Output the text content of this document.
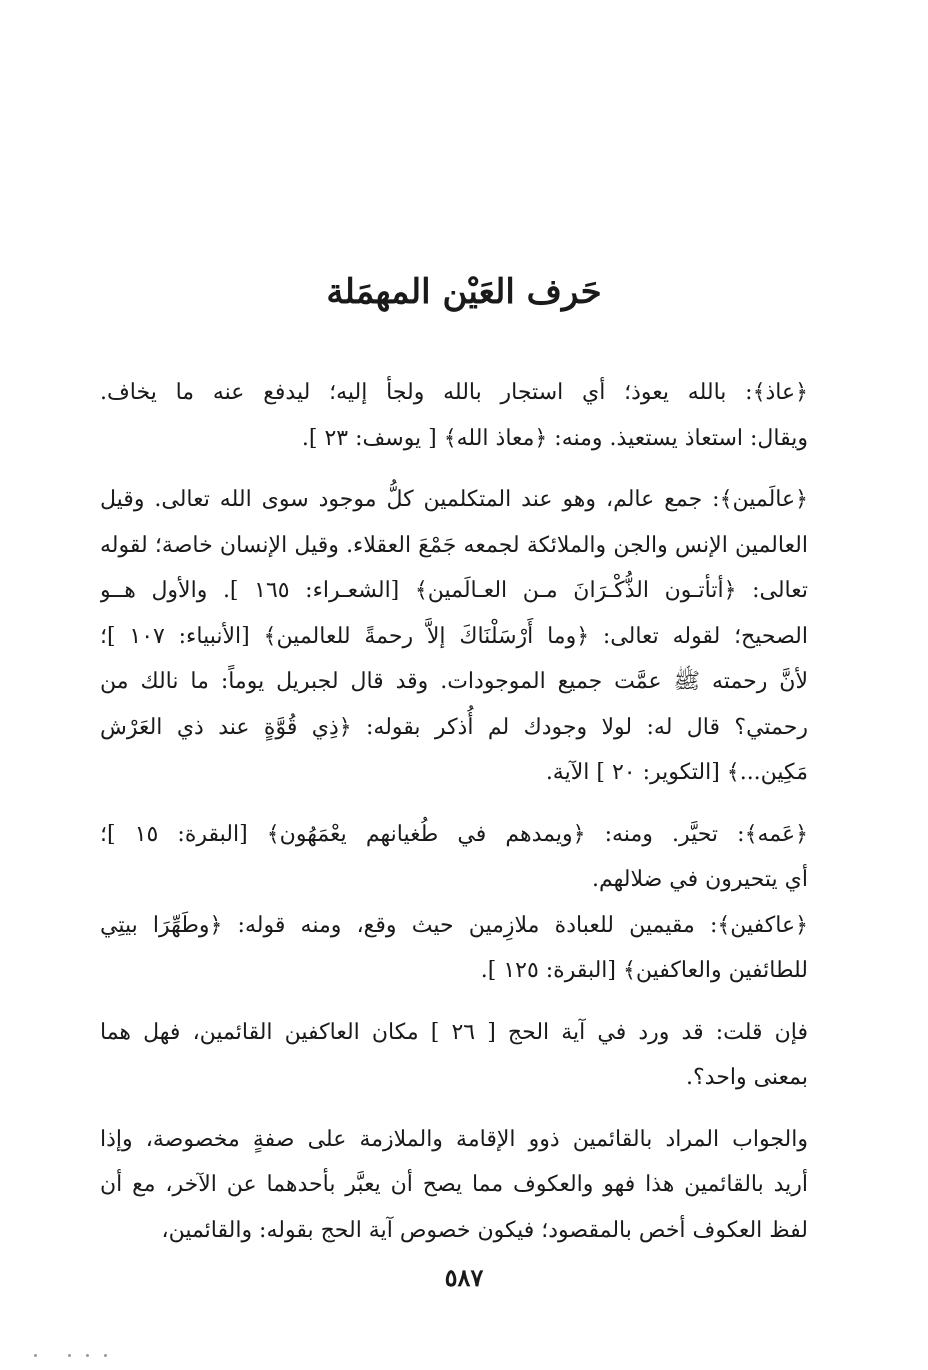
حَرف العَيْن المهمَلة

﴿عاذ﴾: بالله يعوذ؛ أي استجار بالله ولجأ إليه؛ ليدفع عنه ما يخاف.
ويقال: استعاذ يستعيذ. ومنه: ﴿معاذ الله﴾ [ يوسف: ٢٣ ].

﴿عالَمين﴾: جمع عالم، وهو عند المتكلمين كلُّ موجود سوى الله تعالى. وقيل
العالمين الإنس والجن والملائكة لجمعه جَمْعَ العقلاء. وقيل الإنسان خاصة؛ لقوله
تعالى: ﴿أتأتـون الذُّكْـرَانَ مـن العـالَمين﴾ [الشعـراء: ١٦٥ ]. والأول هــو
الصحيح؛ لقوله تعالى: ﴿وما أَرْسَلْنَاكَ إلاَّ رحمةً للعالمين﴾ [الأنبياء: ١٠٧ ]؛
لأنَّ رحمته ﷺ عمَّت جميع الموجودات. وقد قال لجبريل يوماً: ما نالك من
رحمتي؟ قال له: لولا وجودك لم أُذكر بقوله: ﴿ذِي قُوَّةٍ عند ذي العَرْش
مَكِين...﴾ [التكوير: ٢٠ ] الآية.

﴿عَمه﴾: تحيَّر. ومنه: ﴿ويمدهم في طُغيانهم يعْمَهُون﴾ [البقرة: ١٥ ]؛
أي يتحيرون في ضلالهم.

﴿عاكفين﴾: مقيمين للعبادة ملازِمين حيث وقع، ومنه قوله: ﴿وطَهِّرَا بيتِي
للطائفين والعاكفين﴾ [البقرة: ١٢٥ ].

فإن قلت: قد ورد في آية الحج [ ٢٦ ] مكان العاكفين القائمين، فهل هما
بمعنى واحد؟.

والجواب المراد بالقائمين ذوو الإقامة والملازمة على صفةٍ مخصوصة، وإذا
أريد بالقائمين هذا فهو والعكوف مما يصح أن يعبَّر بأحدهما عن الآخر، مع أن
لفظ العكوف أخص بالمقصود؛ فيكون خصوص آية الحج بقوله: والقائمين،

٥٨٧
